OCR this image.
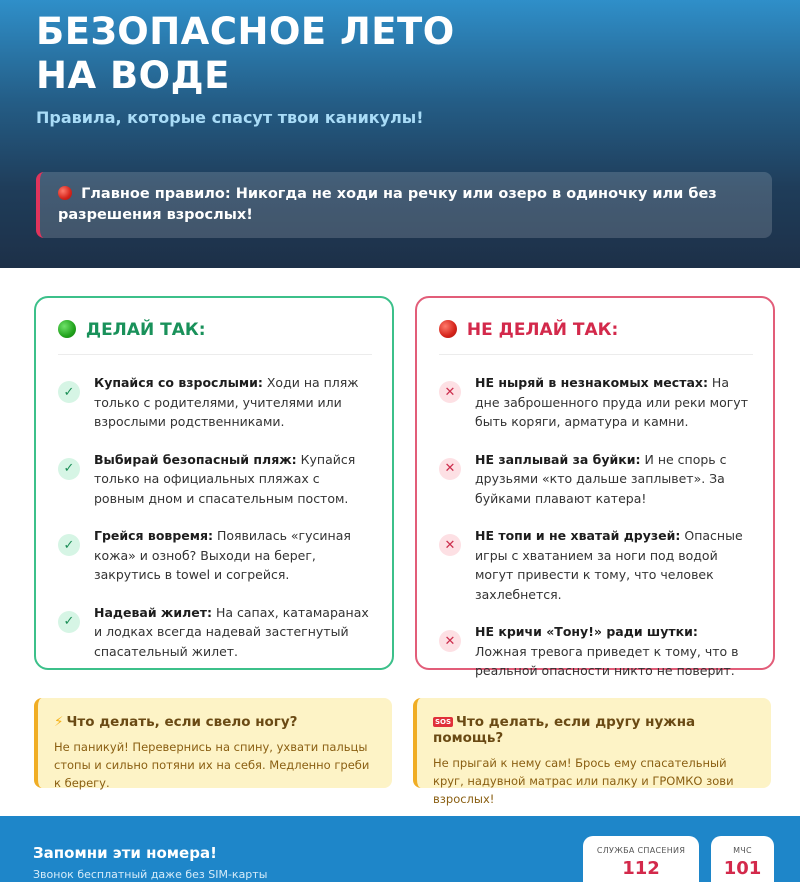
БЕЗОПАСНОЕ ЛЕТО
НА ВОДЕ
Правила, которые спасут твои каникулы!
Главное правило: Никогда не ходи на речку или озеро в одиночку или без разрешения взрослых!
ДЕЛАЙ ТАК:
✓
Купайся со взрослыми: Ходи на пляж только с родителями, учителями или взрослыми родственниками.
✓
Выбирай безопасный пляж: Купайся только на официальных пляжах с ровным дном и спасательным постом.
✓
Грейся вовремя: Появилась «гусиная кожа» и озноб? Выходи на берег, закрутись в towel и согрейся.
✓
Надевай жилет: На сапах, катамаранах и лодках всегда надевай застегнутый спасательный жилет.
НЕ ДЕЛАЙ ТАК:
✕
НЕ ныряй в незнакомых местах: На дне заброшенного пруда или реки могут быть коряги, арматура и камни.
✕
НЕ заплывай за буйки: И не спорь с друзьями «кто дальше заплывет». За буйками плавают катера!
✕
НЕ топи и не хватай друзей: Опасные игры с хватанием за ноги под водой могут привести к тому, что человек захлебнется.
✕
НЕ кричи «Тону!» ради шутки: Ложная тревога приведет к тому, что в реальной опасности никто не поверит.
⚡ Что делать, если свело ногу?
Не паникуй! Перевернись на спину, ухвати пальцы стопы и сильно потяни их на себя. Медленно греби к берегу.
SOS Что делать, если другу нужна помощь?
Не прыгай к нему сам! Брось ему спасательный круг, надувной матрас или палку и ГРОМКО зови взрослых!
Запомни эти номера!
Звонок бесплатный даже без SIM-карты
СЛУЖБА СПАСЕНИЯ
112
МЧС
101
